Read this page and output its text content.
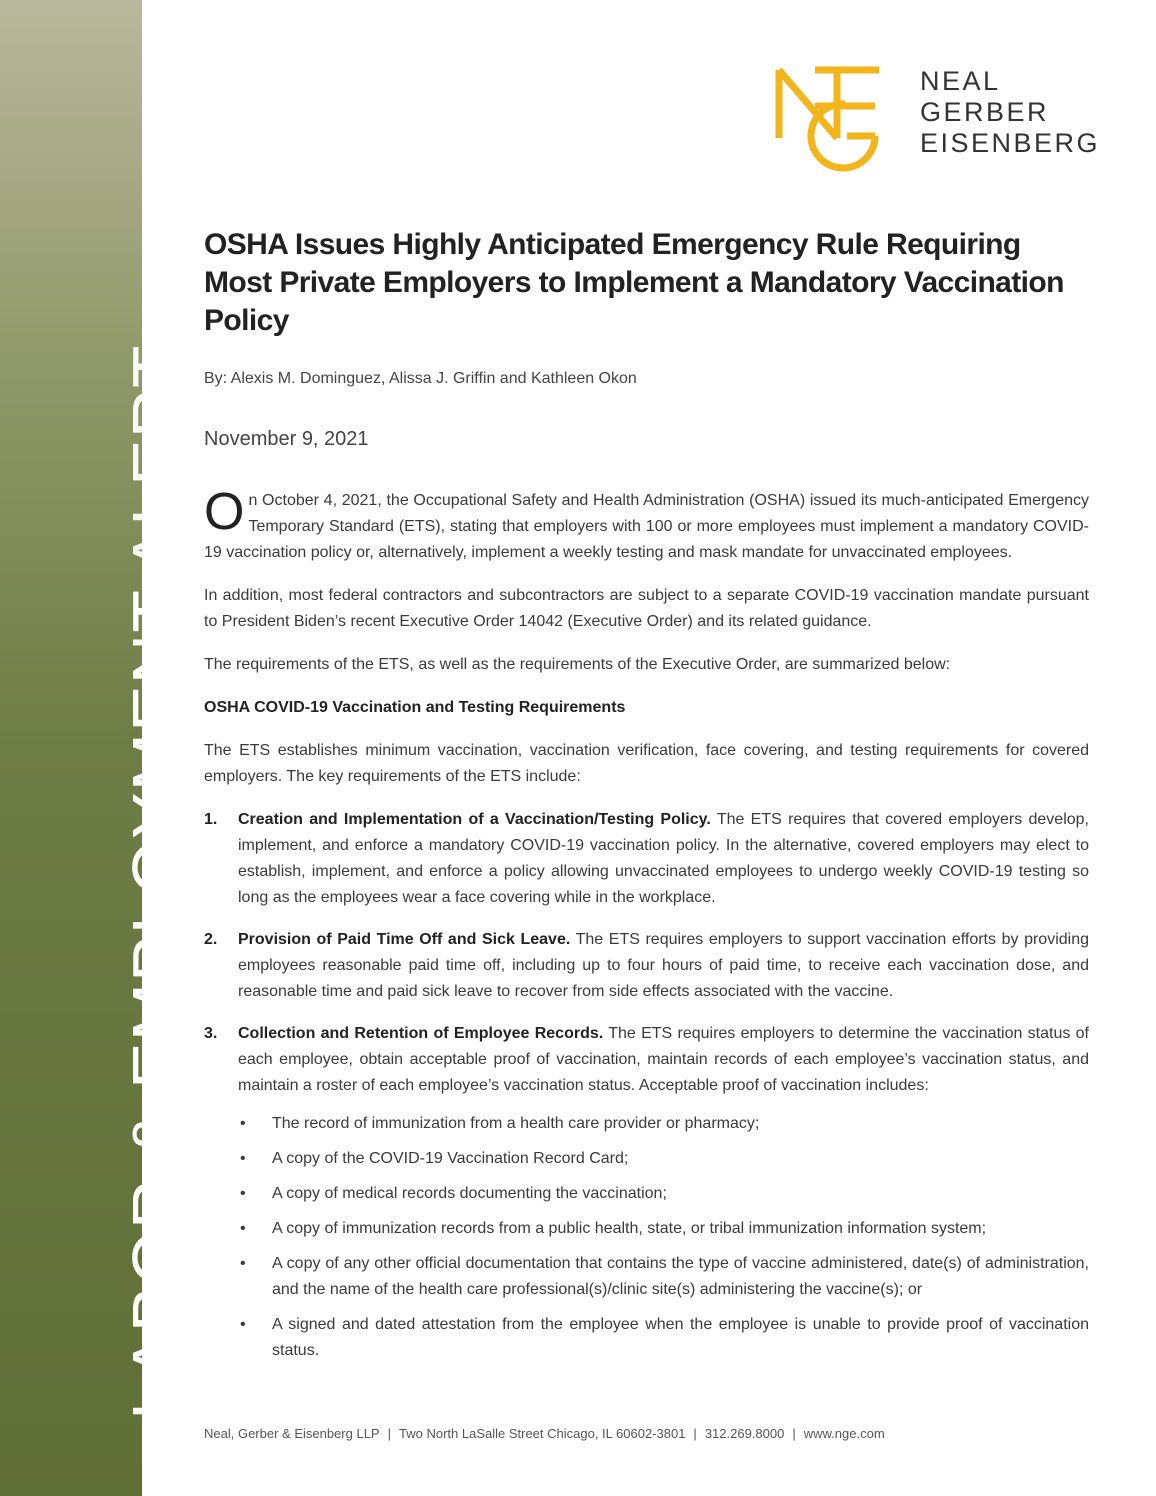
LABOR & EMPLOYMENT ALERT
NEAL
GERBER
EISENBERG
OSHA Issues Highly Anticipated Emergency Rule Requiring Most Private Employers to Implement a Mandatory Vaccination Policy
By: Alexis M. Dominguez, Alissa J. Griffin and Kathleen Okon
November 9, 2021

On October 4, 2021, the Occupational Safety and Health Administration (OSHA) issued its much-anticipated Emergency Temporary Standard (ETS), stating that employers with 100 or more employees must implement a mandatory COVID-19 vaccination policy or, alternatively, implement a weekly testing and mask mandate for unvaccinated employees.

In addition, most federal contractors and subcontractors are subject to a separate COVID-19 vaccination mandate pursuant to President Biden’s recent Executive Order 14042 (Executive Order) and its related guidance.

The requirements of the ETS, as well as the requirements of the Executive Order, are summarized below:

OSHA COVID-19 Vaccination and Testing Requirements

The ETS establishes minimum vaccination, vaccination verification, face covering, and testing requirements for covered employers. The key requirements of the ETS include:

1. Creation and Implementation of a Vaccination/Testing Policy. The ETS requires that covered employers develop, implement, and enforce a mandatory COVID-19 vaccination policy. In the alternative, covered employers may elect to establish, implement, and enforce a policy allowing unvaccinated employees to undergo weekly COVID-19 testing so long as the employees wear a face covering while in the workplace.
2. Provision of Paid Time Off and Sick Leave. The ETS requires employers to support vaccination efforts by providing employees reasonable paid time off, including up to four hours of paid time, to receive each vaccination dose, and reasonable time and paid sick leave to recover from side effects associated with the vaccine.
3. Collection and Retention of Employee Records. The ETS requires employers to determine the vaccination status of each employee, obtain acceptable proof of vaccination, maintain records of each employee’s vaccination status, and maintain a roster of each employee’s vaccination status. Acceptable proof of vaccination includes:
• The record of immunization from a health care provider or pharmacy;
• A copy of the COVID-19 Vaccination Record Card;
• A copy of medical records documenting the vaccination;
• A copy of immunization records from a public health, state, or tribal immunization information system;
• A copy of any other official documentation that contains the type of vaccine administered, date(s) of administration, and the name of the health care professional(s)/clinic site(s) administering the vaccine(s); or
• A signed and dated attestation from the employee when the employee is unable to provide proof of vaccination status.
Neal, Gerber & Eisenberg LLP | Two North LaSalle Street Chicago, IL 60602-3801 | 312.269.8000 | www.nge.com
